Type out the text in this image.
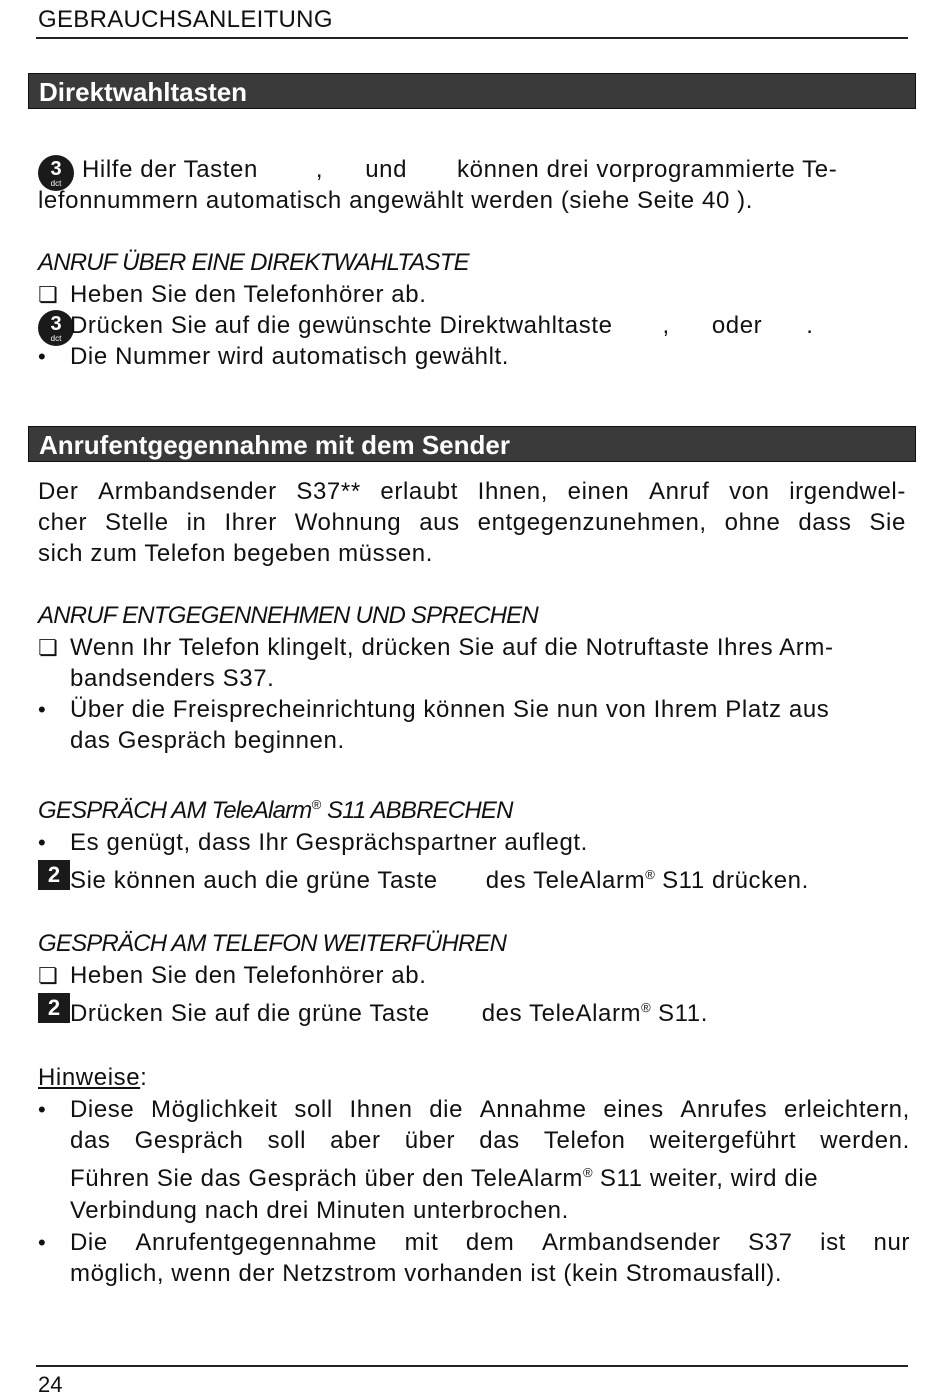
GEBRAUCHSANLEITUNG
Direktwahltasten
3
dct
Hilfe der Tasten , und können drei vorprogrammierte Te-
lefonnummern automatisch angewählt werden (siehe Seite 40 ).
ANRUF ÜBER EINE DIREKTWAHLTASTE
❏ Heben Sie den Telefonhörer ab.
3
dct Drücken Sie auf die gewünschte Direktwahltaste , oder .
• Die Nummer wird automatisch gewählt.
Anrufentgegennahme mit dem Sender
Der Armbandsender S37** erlaubt Ihnen, einen Anruf von irgendwel-
cher Stelle in Ihrer Wohnung aus entgegenzunehmen, ohne dass Sie
sich zum Telefon begeben müssen.
ANRUF ENTGEGENNEHMEN UND SPRECHEN
❏ Wenn Ihr Telefon klingelt, drücken Sie auf die Notruftaste Ihres Arm-
bandsenders S37.
• Über die Freisprecheinrichtung können Sie nun von Ihrem Platz aus
das Gespräch beginnen.
GESPRÄCH AM TeleAlarm® S11 ABBRECHEN
• Es genügt, dass Ihr Gesprächspartner auflegt.
2 Sie können auch die grüne Taste des TeleAlarm® S11 drücken.
GESPRÄCH AM TELEFON WEITERFÜHREN
❏ Heben Sie den Telefonhörer ab.
2 Drücken Sie auf die grüne Taste des TeleAlarm® S11.
Hinweise:
• Diese Möglichkeit soll Ihnen die Annahme eines Anrufes erleichtern,
das Gespräch soll aber über das Telefon weitergeführt werden.
Führen Sie das Gespräch über den TeleAlarm® S11 weiter, wird die
Verbindung nach drei Minuten unterbrochen.
• Die Anrufentgegennahme mit dem Armbandsender S37 ist nur
möglich, wenn der Netzstrom vorhanden ist (kein Stromausfall).
24
